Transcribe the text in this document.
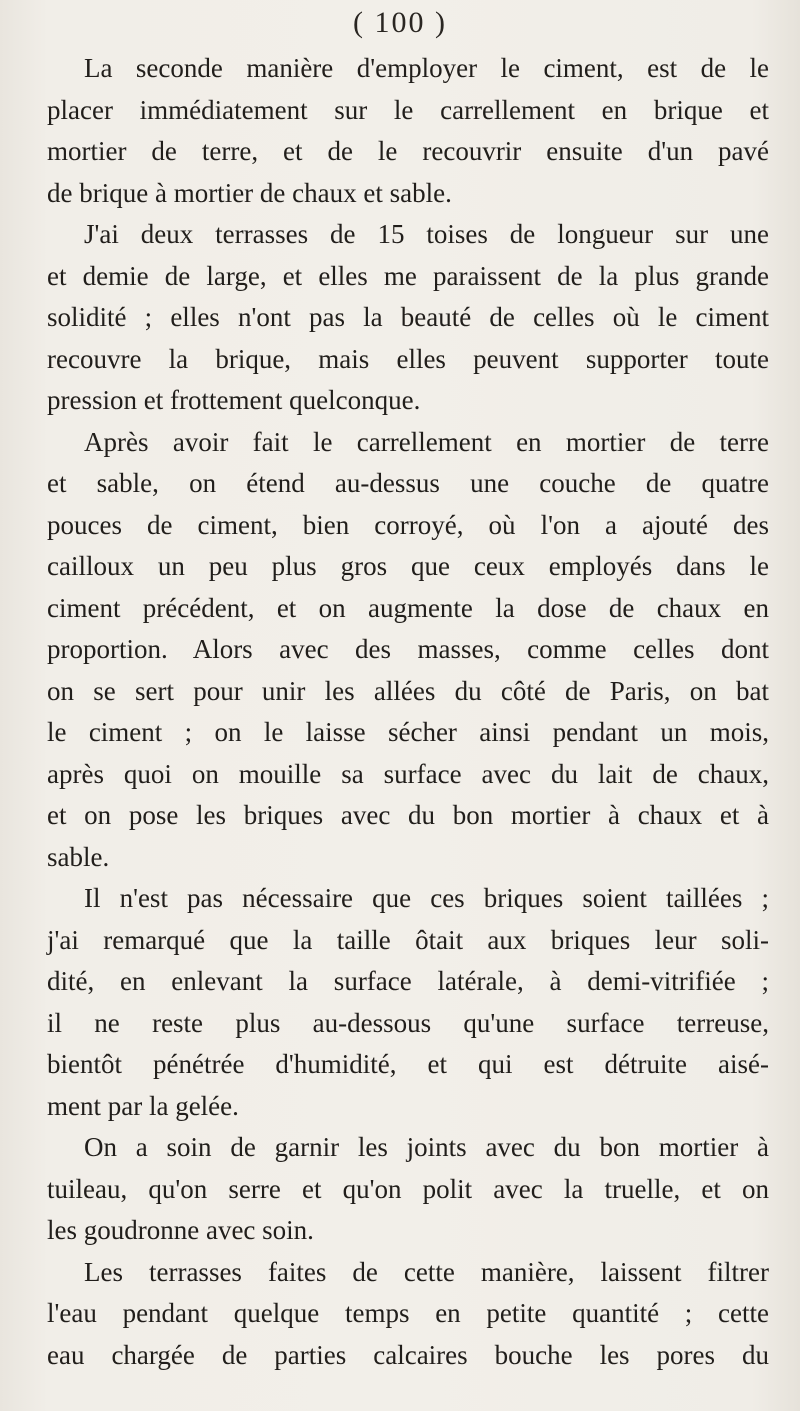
( 100 )
La seconde manière d'employer le ciment, est de le
placer immédiatement sur le carrellement en brique et
mortier de terre, et de le recouvrir ensuite d'un pavé
de brique à mortier de chaux et sable.
J'ai deux terrasses de 15 toises de longueur sur une
et demie de large, et elles me paraissent de la plus grande
solidité ; elles n'ont pas la beauté de celles où le ciment
recouvre la brique, mais elles peuvent supporter toute
pression et frottement quelconque.
Après avoir fait le carrellement en mortier de terre
et sable, on étend au-dessus une couche de quatre
pouces de ciment, bien corroyé, où l'on a ajouté des
cailloux un peu plus gros que ceux employés dans le
ciment précédent, et on augmente la dose de chaux en
proportion. Alors avec des masses, comme celles dont
on se sert pour unir les allées du côté de Paris, on bat
le ciment ; on le laisse sécher ainsi pendant un mois,
après quoi on mouille sa surface avec du lait de chaux,
et on pose les briques avec du bon mortier à chaux et à
sable.
Il n'est pas nécessaire que ces briques soient taillées ;
j'ai remarqué que la taille ôtait aux briques leur soli-
dité, en enlevant la surface latérale, à demi-vitrifiée ;
il ne reste plus au-dessous qu'une surface terreuse,
bientôt pénétrée d'humidité, et qui est détruite aisé-
ment par la gelée.
On a soin de garnir les joints avec du bon mortier à
tuileau, qu'on serre et qu'on polit avec la truelle, et on
les goudronne avec soin.
Les terrasses faites de cette manière, laissent filtrer
l'eau pendant quelque temps en petite quantité ; cette
eau chargée de parties calcaires bouche les pores du
